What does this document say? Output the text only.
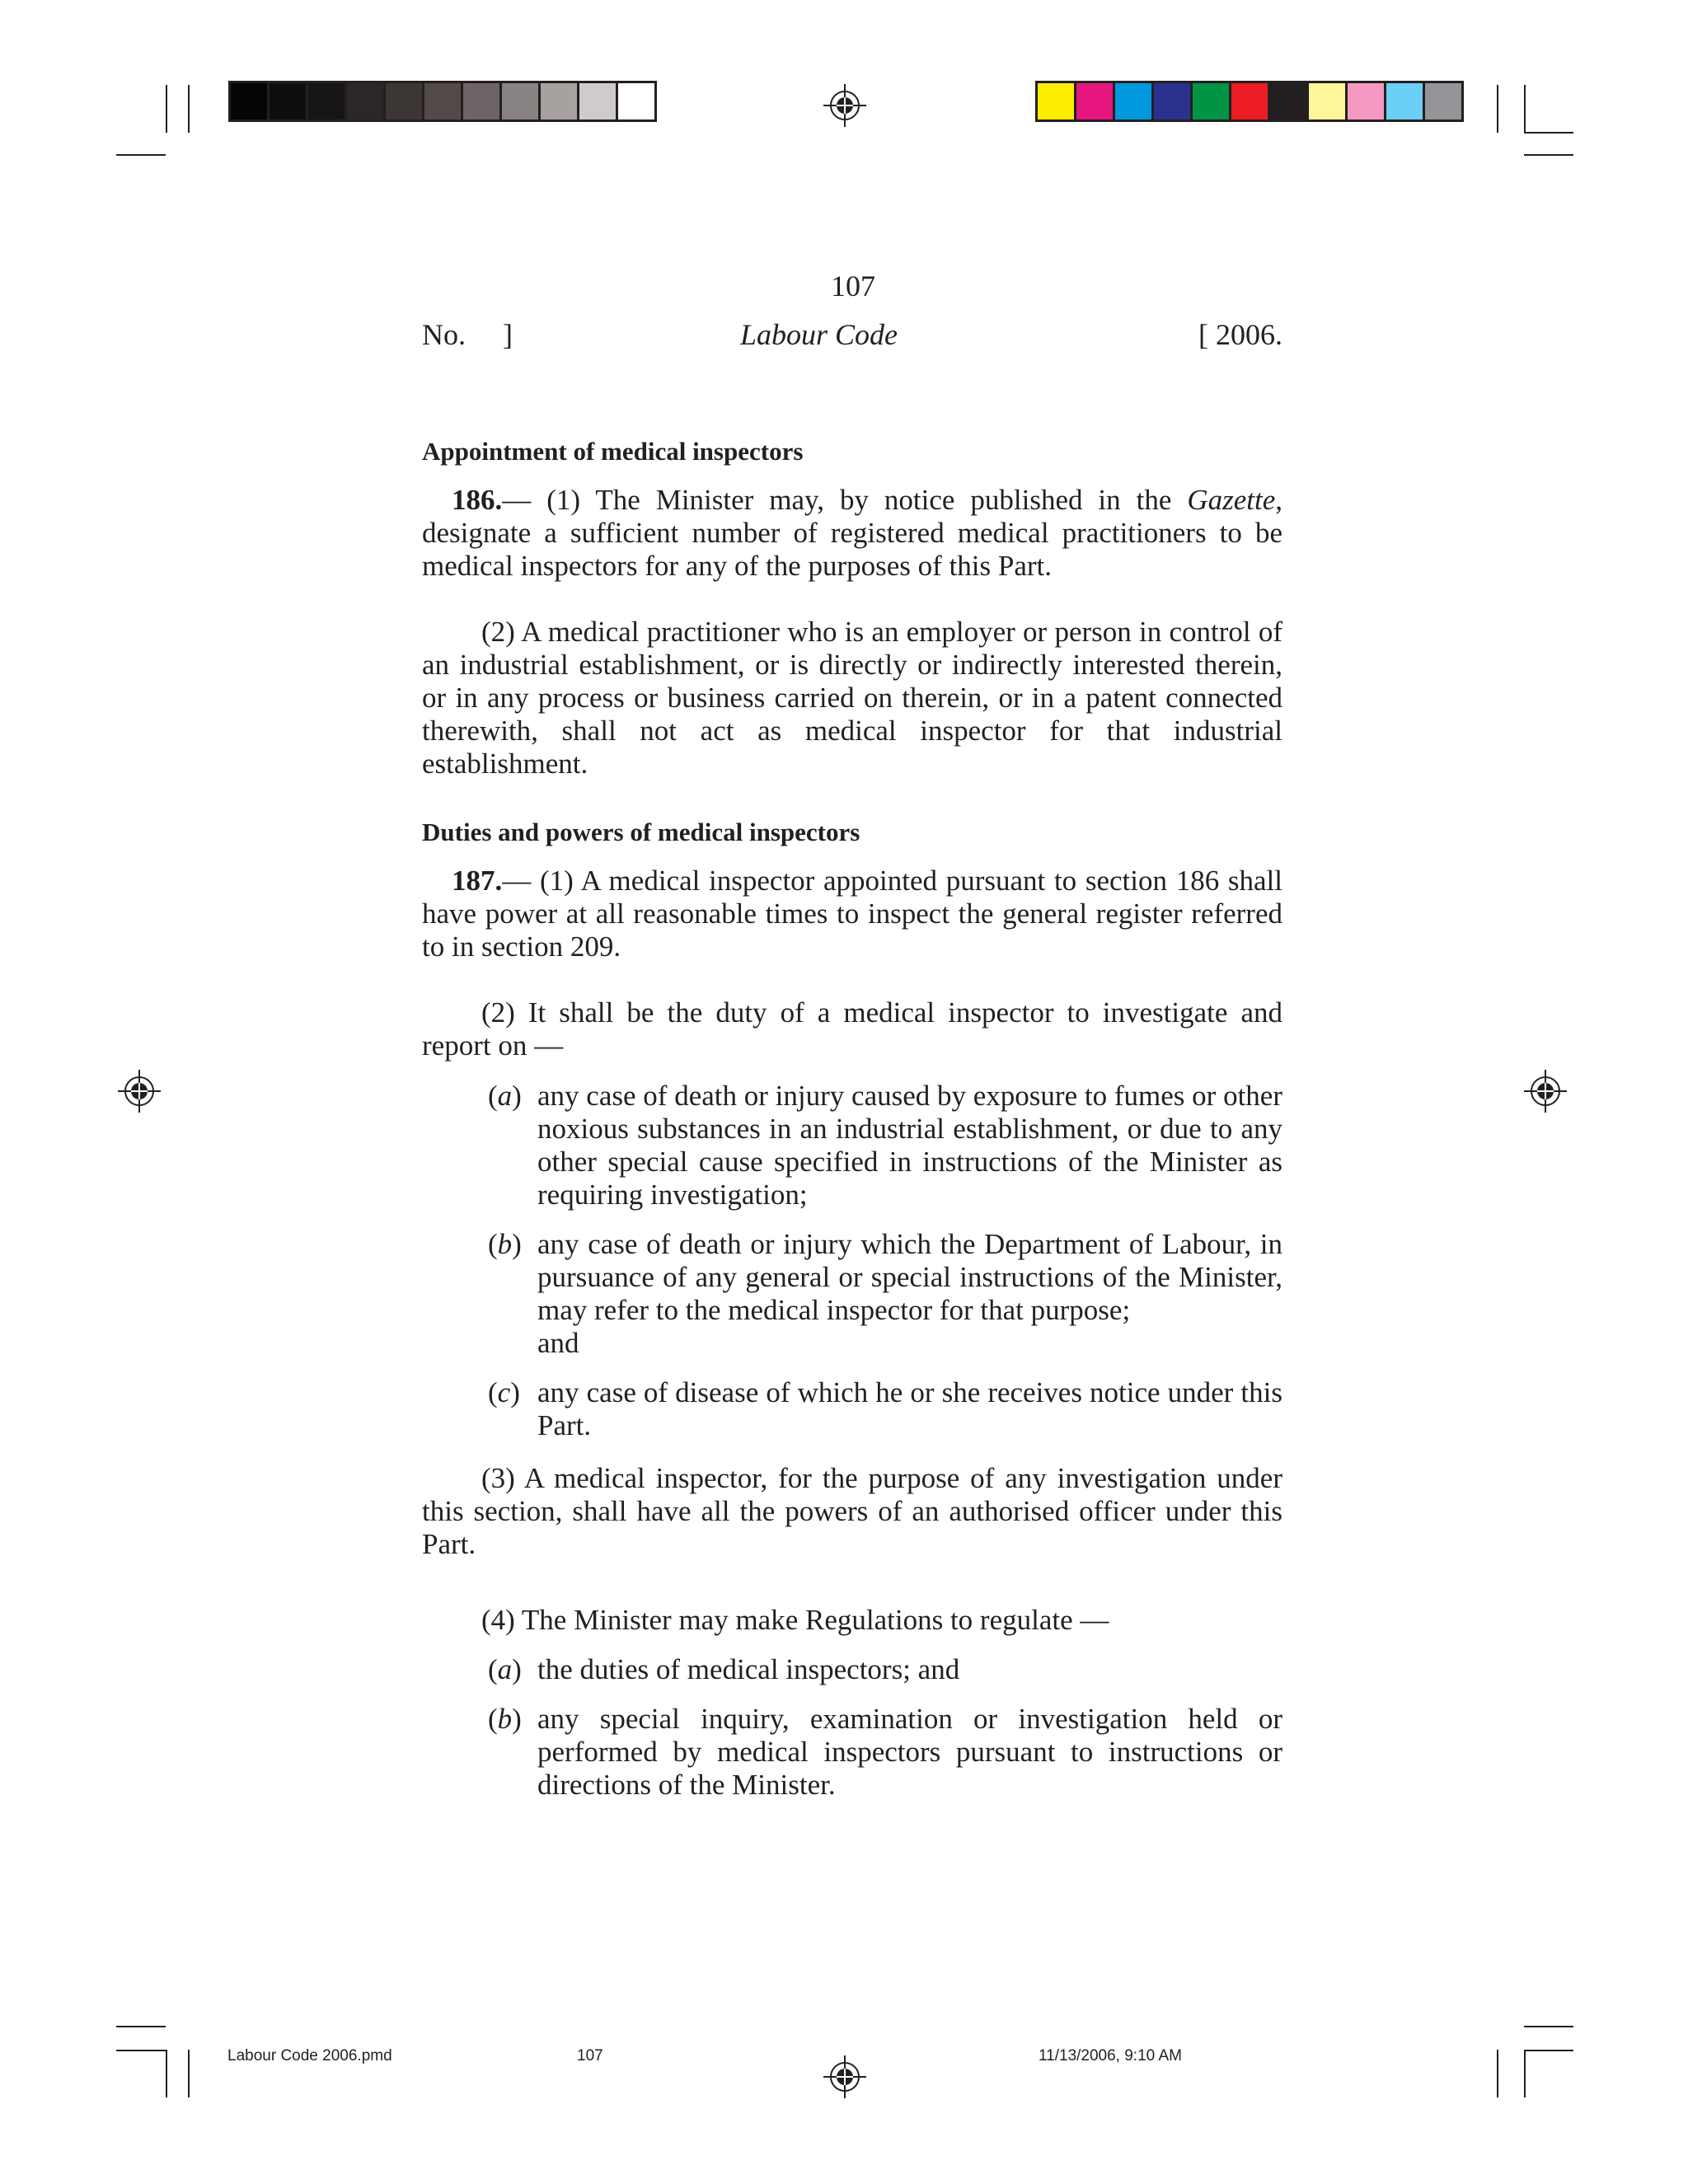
107
No.     ]	Labour Code	[ 2006.
Appointment of medical inspectors
186.— (1) The Minister may, by notice published in the Gazette, designate a sufficient number of registered medical practitioners to be medical inspectors for any of the purposes of this Part.
(2) A medical practitioner who is an employer or person in control of an industrial establishment, or is directly or indirectly interested therein, or in any process or business carried on therein, or in a patent connected therewith, shall not act as medical inspector for that industrial establishment.
Duties and powers of medical inspectors
187.— (1) A medical inspector appointed pursuant to section 186 shall have power at all reasonable times to inspect the general register referred to in section 209.
(2) It shall be the duty of a medical inspector to investigate and report on —
(a) any case of death or injury caused by exposure to fumes or other noxious substances in an industrial establishment, or due to any other special cause specified in instructions of the Minister as requiring investigation;
(b) any case of death or injury which the Department of Labour, in pursuance of any general or special instructions of the Minister, may refer to the medical inspector for that purpose;

and

(c) any case of disease of which he or she receives notice under this Part.
(3) A medical inspector, for the purpose of any investigation under this section, shall have all the powers of an authorised officer under this Part.
(4) The Minister may make Regulations to regulate —
(a) the duties of medical inspectors; and
(b) any special inquiry, examination or investigation held or performed by medical inspectors pursuant to instructions or directions of the Minister.
Labour Code 2006.pmd	107	11/13/2006, 9:10 AM
